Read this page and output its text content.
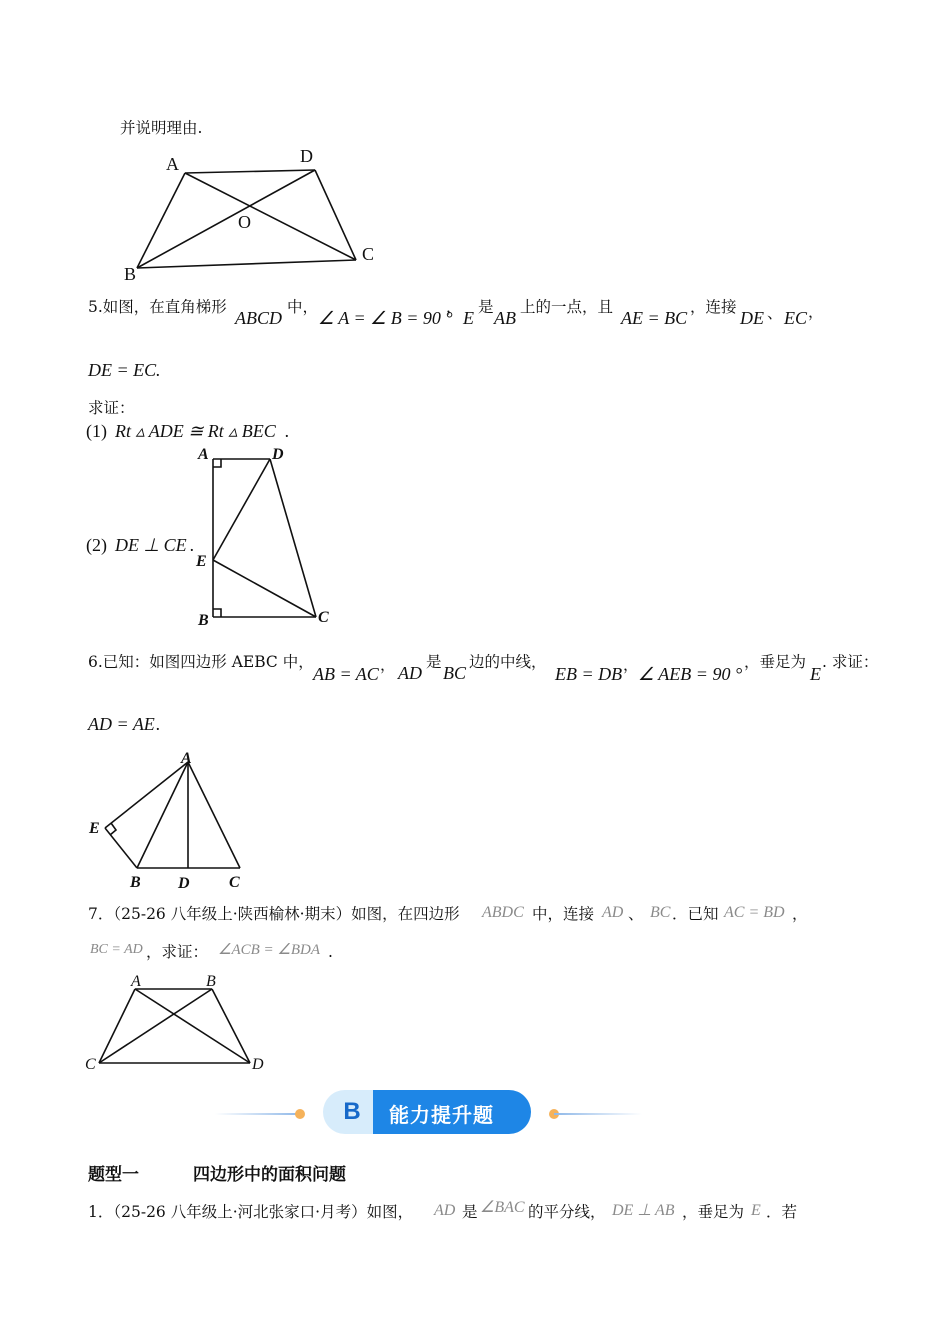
并说明理由.
A	D
O
B
C
5.如图，在直角梯形
ABCD
中，
∠ A = ∠ B = 90 °
，
E
是
AB
上的一点，且
AE = BC
，连接
DE 、 EC ，
DE = EC .
求证：
(1) Rt ▵ ADE ≅ Rt ▵ BEC .
(2) DE ⊥ CE .
A	D
E
B	C
6.已知：如图四边形 AEBC 中，
AB = AC ， AD
是
BC
边的中线，
EB = DB ， ∠ AEB = 90 °
，垂足为
E
. 求证：
AD = AE .
A
E
B D C
7．（25-26 八年级上·陕西榆林·期末）如图，在四边形 ABDC 中，连接 AD 、 BC ．已知 AC = BD ，
BC = AD ，求证： ∠ACB = ∠BDA .
A	B
C	D
B	能力提升题
题型一	四边形中的面积问题
1．（25-26 八年级上·河北张家口·月考）如图， AD 是 ∠BAC 的平分线， DE ⊥ AB ，垂足为 E ．若
